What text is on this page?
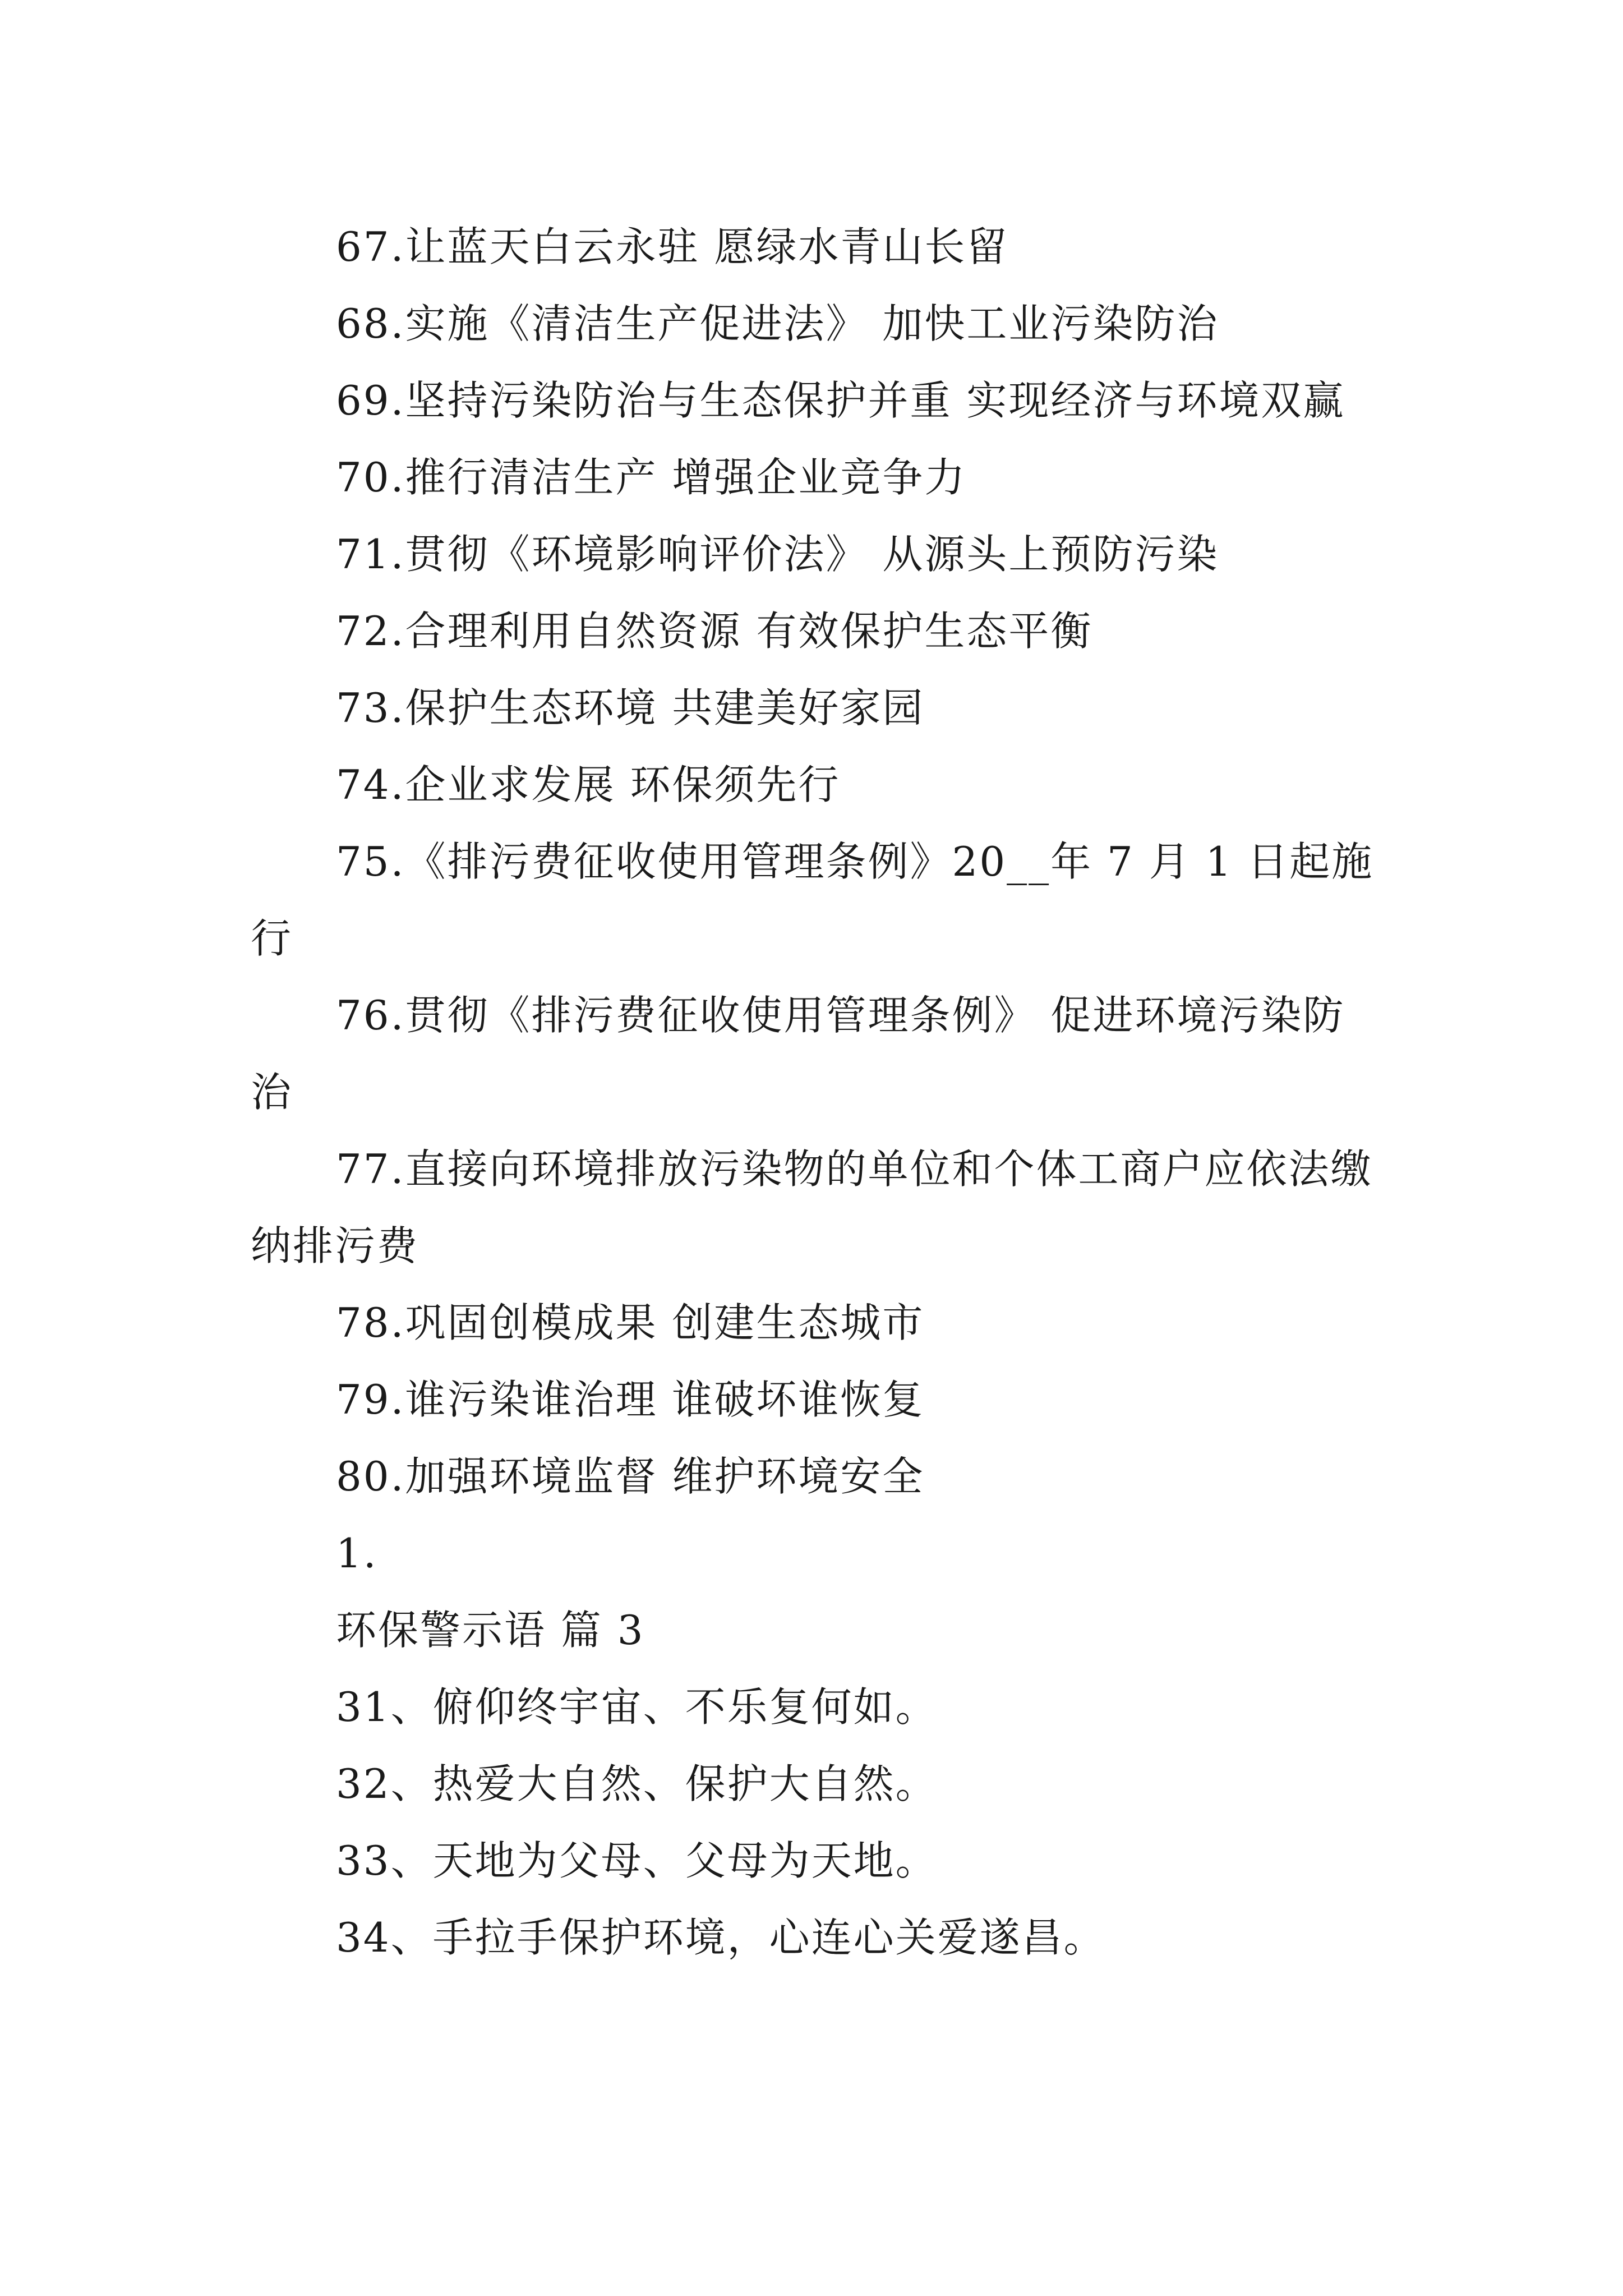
67.让蓝天白云永驻 愿绿水青山长留

68.实施《清洁生产促进法》 加快工业污染防治

69.坚持污染防治与生态保护并重 实现经济与环境双赢

70.推行清洁生产 增强企业竞争力

71.贯彻《环境影响评价法》 从源头上预防污染

72.合理利用自然资源 有效保护生态平衡

73.保护生态环境 共建美好家园

74.企业求发展 环保须先行

75.《排污费征收使用管理条例》20__年 7 月 1 日起施行

76.贯彻《排污费征收使用管理条例》 促进环境污染防治

77.直接向环境排放污染物的单位和个体工商户应依法缴纳排污费

78.巩固创模成果 创建生态城市

79.谁污染谁治理 谁破坏谁恢复

80.加强环境监督 维护环境安全

1.

环保警示语 篇 3

31、俯仰终宇宙、不乐复何如。

32、热爱大自然、保护大自然。

33、天地为父母、父母为天地。

34、手拉手保护环境，心连心关爱遂昌。
